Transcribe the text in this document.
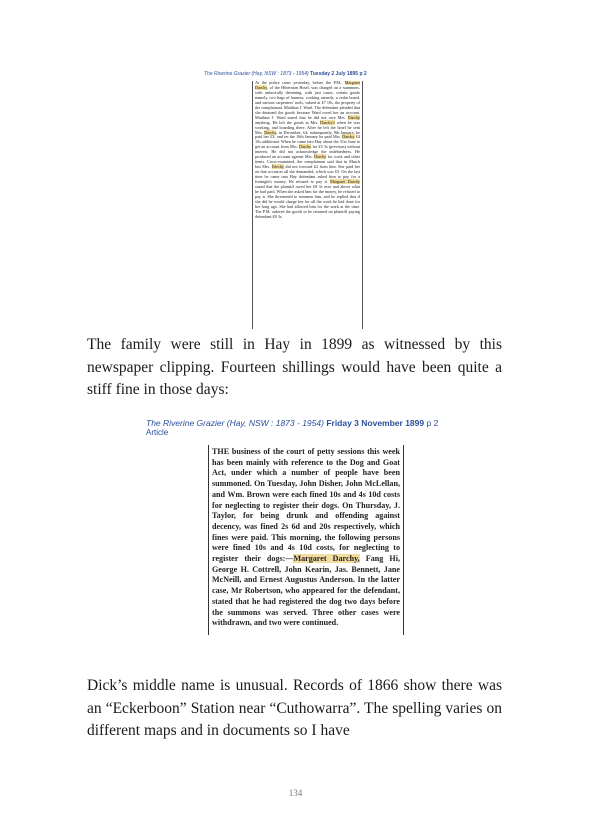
The Riverine Grazier (Hay, NSW : 1873 - 1954) Tuesday 2 July 1895 p 2
At the police court yesterday, before the P.M., Margaret Darchy, of the Hibernian Hotel, was charged on a summons, with unlawfully detaining, with just cause, certain goods namely, two bags of harness, cooking utensils, a cedar board, and various carpenters' tools, valued at £7 10s, the property of the complainant, Matthias J. Ward. The defendant pleaded that she detained the goods because Ward owed her an account. Matthias J. Ward stated that he did not owe Mrs. Darchy anything. He left the goods at Mrs. Darchy's when he was working, and boarding there. After he left the hotel he sent Mrs. Darchy, in December, £4; subsequently, 9th January, he paid her £3; and on the 16th January he paid Mrs. Darchy £4 10s additional. When he came into Hay about the 31st June to get an account from Mrs. Darchy for £5 3s (previous) without interest. He did not acknowledge the indebtedness. He produced an account against Mrs. Darchy for work and other items. Cross-examined, the complainant said that in March last Mrs. Darchy did not forward £2 from him. She paid her on that occasion all she demanded, which was £5. On the last time he came into Hay defendant asked him to pay for a fortnight's money. He refused to pay it. Margaret Darchy stated that the plaintiff owed her £8 3s over and above what he had paid. When she asked him for the money, he refused to pay it. She threatened to summon him, and he replied that if she did he would charge her for all the work he had done for her long ago. She had allowed him for the work at the time. The P.M. ordered the goods to be returned on plaintiff paying defendant £8 3s.

The family were still in Hay in 1899 as witnessed by this newspaper clipping. Fourteen shillings would have been quite a stiff fine in those days:

The Riverine Grazier (Hay, NSW : 1873 - 1954) Friday 3 November 1899 p 2
Article
THE business of the court of petty sessions this week has been mainly with reference to the Dog and Goat Act, under which a number of people have been summoned. On Tuesday, John Disher, John McLellan, and Wm. Brown were each fined 10s and 4s 10d costs for neglecting to register their dogs. On Thursday, J. Taylor, for being drunk and offending against decency, was fined 2s 6d and 20s respectively, which fines were paid. This morning, the following persons were fined 10s and 4s 10d costs, for neglecting to register their dogs:—Margaret Darchy, Fang Hi, George H. Cottrell, John Kearin, Jas. Bennett, Jane McNeill, and Ernest Augustus Anderson. In the latter case, Mr Robertson, who appeared for the defendant, stated that he had registered the dog two days before the summons was served. Three other cases were withdrawn, and two were continued.

Dick’s middle name is unusual. Records of 1866 show there was an “Eckerboon” Station near “Cuthowarra”. The spelling varies on different maps and in documents so I have

134
